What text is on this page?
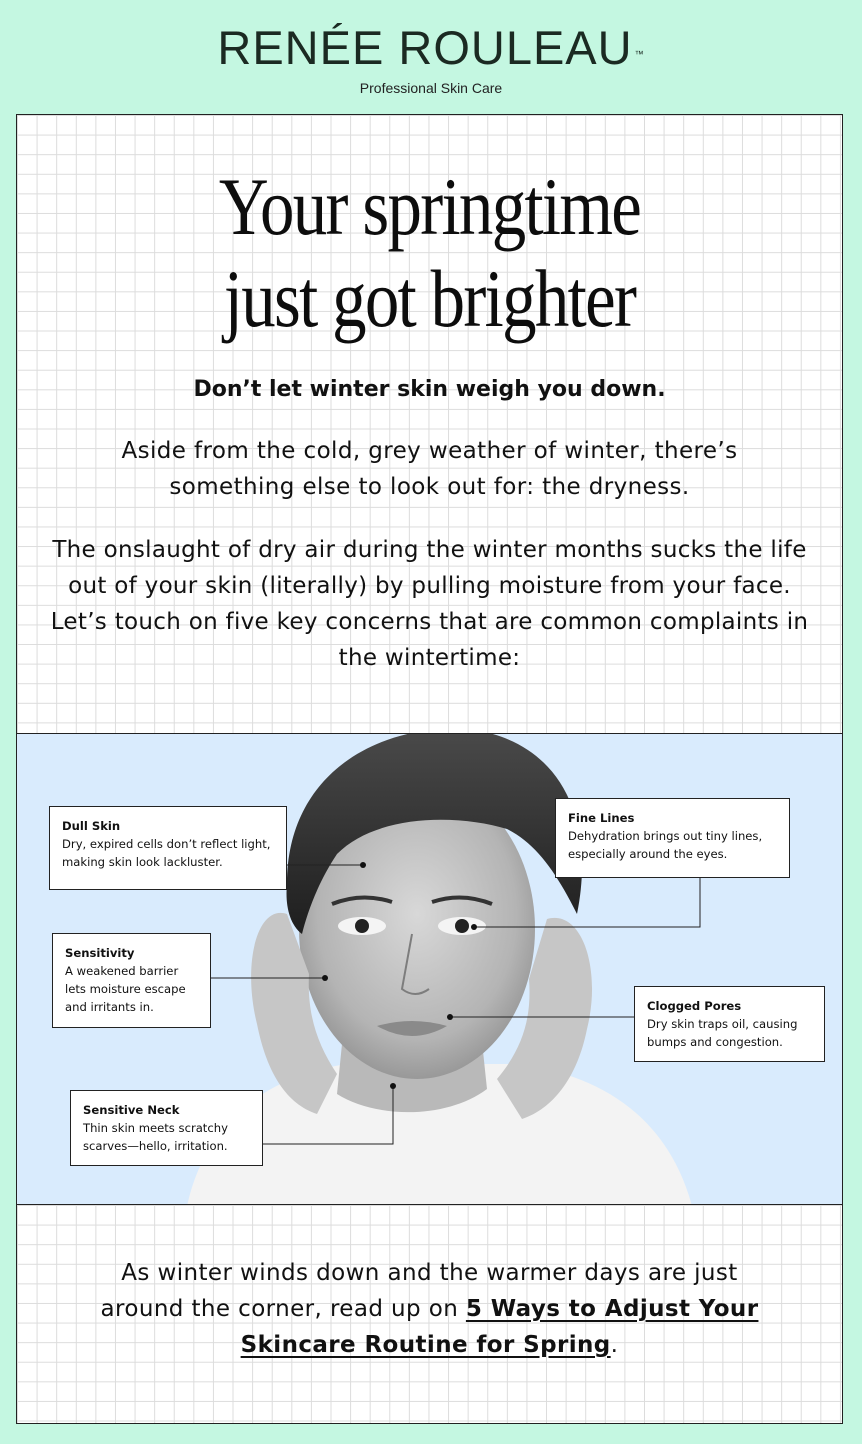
RENÉE ROULEAU ™
Professional Skin Care
Your springtime
just got brighter
Don’t let winter skin weigh you down.

Aside from the cold, grey weather of winter, there’s something else to look out for: the dryness.

The onslaught of dry air during the winter months sucks the life out of your skin (literally) by pulling moisture from your face. Let’s touch on five key concerns that are common complaints in the wintertime:

Dull Skin
Dry, expired cells don’t reflect light, making skin look lackluster.
Fine Lines
Dehydration brings out tiny lines, especially around the eyes.
Sensitivity
A weakened barrier lets moisture escape and irritants in.	Clogged Pores
Dry skin traps oil, causing bumps and congestion.
Sensitive Neck
Thin skin meets scratchy scarves—hello, irritation.

As winter winds down and the warmer days are just around the corner, read up on 5 Ways to Adjust Your Skincare Routine for Spring.
